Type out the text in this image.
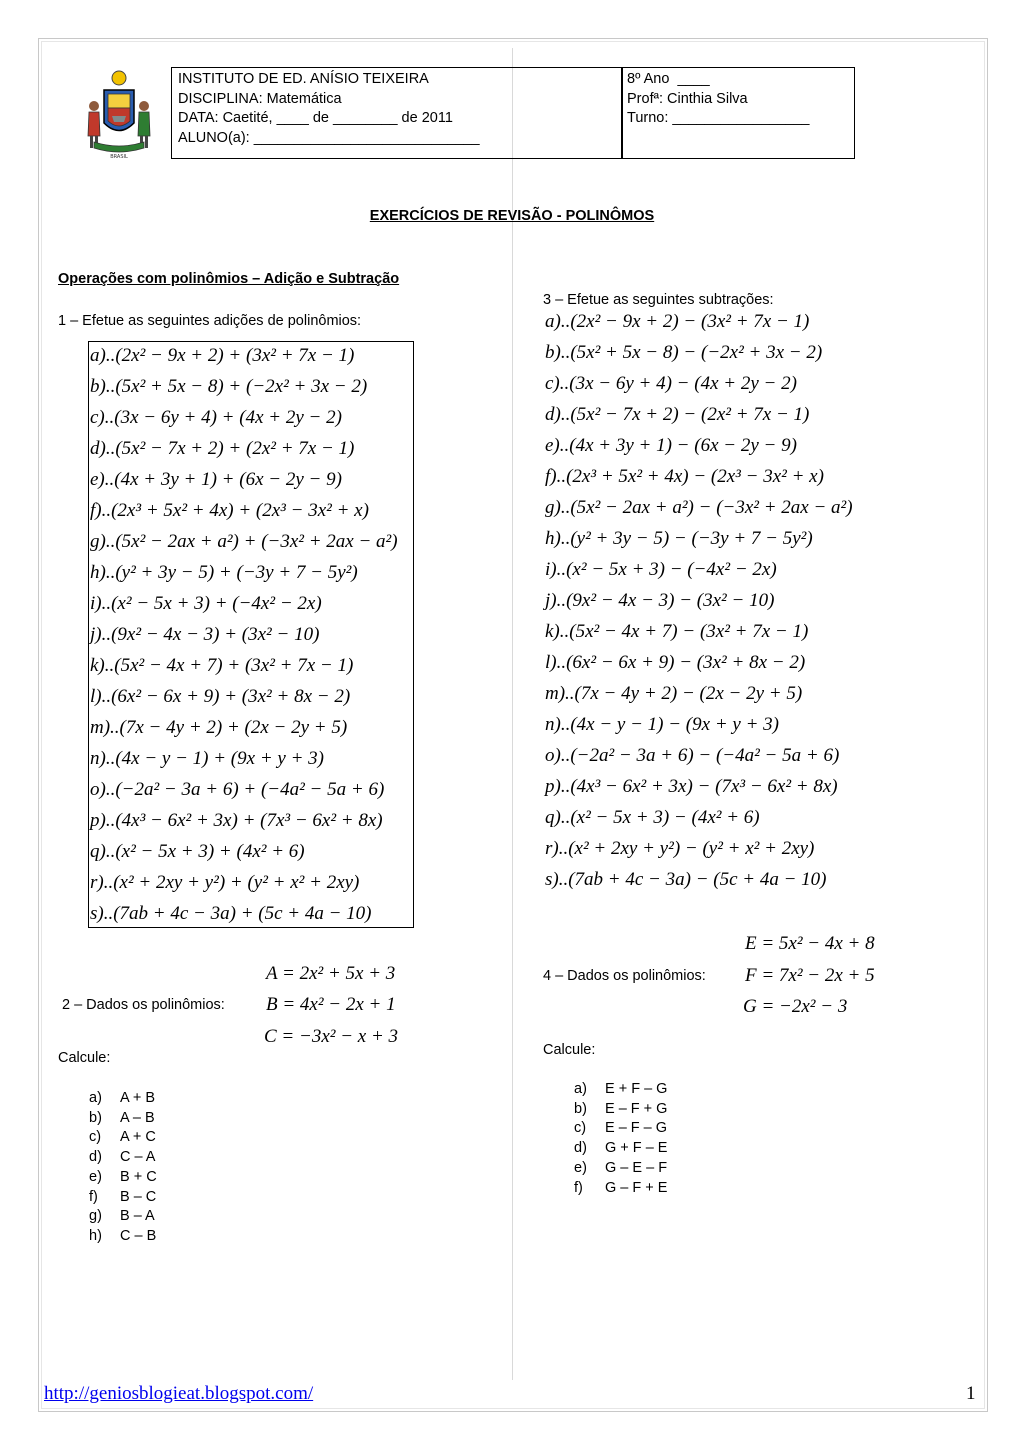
BRASIL
INSTITUTO DE ED. ANÍSIO TEIXEIRA
DISCIPLINA: Matemática
DATA: Caetité, ____ de ________ de 2011
ALUNO(a): ____________________________
8º Ano  ____
Profª: Cinthia Silva
Turno: _________________
EXERCÍCIOS DE REVISÃO - POLINÔMOS
Operações com polinômios – Adição e Subtração
1 – Efetue as seguintes adições de polinômios:
a)..(2x² − 9x + 2) + (3x² + 7x − 1)
b)..(5x² + 5x − 8) + (−2x² + 3x − 2)
c)..(3x − 6y + 4) + (4x + 2y − 2)
d)..(5x² − 7x + 2) + (2x² + 7x − 1)
e)..(4x + 3y + 1) + (6x − 2y − 9)
f)..(2x³ + 5x² + 4x) + (2x³ − 3x² + x)
g)..(5x² − 2ax + a²) + (−3x² + 2ax − a²)
h)..(y² + 3y − 5) + (−3y + 7 − 5y²)
i)..(x² − 5x + 3) + (−4x² − 2x)
j)..(9x² − 4x − 3) + (3x² − 10)
k)..(5x² − 4x + 7) + (3x² + 7x − 1)
l)..(6x² − 6x + 9) + (3x² + 8x − 2)
m)..(7x − 4y + 2) + (2x − 2y + 5)
n)..(4x − y − 1) + (9x + y + 3)
o)..(−2a² − 3a + 6) + (−4a² − 5a + 6)
p)..(4x³ − 6x² + 3x) + (7x³ − 6x² + 8x)
q)..(x² − 5x + 3) + (4x² + 6)
r)..(x² + 2xy + y²) + (y² + x² + 2xy)
s)..(7ab + 4c − 3a) + (5c + 4a − 10)
A = 2x² + 5x + 3
2 – Dados os polinômios: B = 4x² − 2x + 1
C = −3x² − x + 3
Calcule:
a) A + B
b) A – B
c) A + C
d) C – A
e) B + C
f) B – C
g) B – A
h) C – B
3 – Efetue as seguintes subtrações:
a)..(2x² − 9x + 2) − (3x² + 7x − 1)
b)..(5x² + 5x − 8) − (−2x² + 3x − 2)
c)..(3x − 6y + 4) − (4x + 2y − 2)
d)..(5x² − 7x + 2) − (2x² + 7x − 1)
e)..(4x + 3y + 1) − (6x − 2y − 9)
f)..(2x³ + 5x² + 4x) − (2x³ − 3x² + x)
g)..(5x² − 2ax + a²) − (−3x² + 2ax − a²)
h)..(y² + 3y − 5) − (−3y + 7 − 5y²)
i)..(x² − 5x + 3) − (−4x² − 2x)
j)..(9x² − 4x − 3) − (3x² − 10)
k)..(5x² − 4x + 7) − (3x² + 7x − 1)
l)..(6x² − 6x + 9) − (3x² + 8x − 2)
m)..(7x − 4y + 2) − (2x − 2y + 5)
n)..(4x − y − 1) − (9x + y + 3)
o)..(−2a² − 3a + 6) − (−4a² − 5a + 6)
p)..(4x³ − 6x² + 3x) − (7x³ − 6x² + 8x)
q)..(x² − 5x + 3) − (4x² + 6)
r)..(x² + 2xy + y²) − (y² + x² + 2xy)
s)..(7ab + 4c − 3a) − (5c + 4a − 10)
E = 5x² − 4x + 8
4 – Dados os polinômios: F = 7x² − 2x + 5
G = −2x² − 3
Calcule:
a) E + F – G
b) E – F + G
c) E – F – G
d) G + F – E
e) G – E – F
f) G – F + E
http://geniosblogieat.blogspot.com/	1
